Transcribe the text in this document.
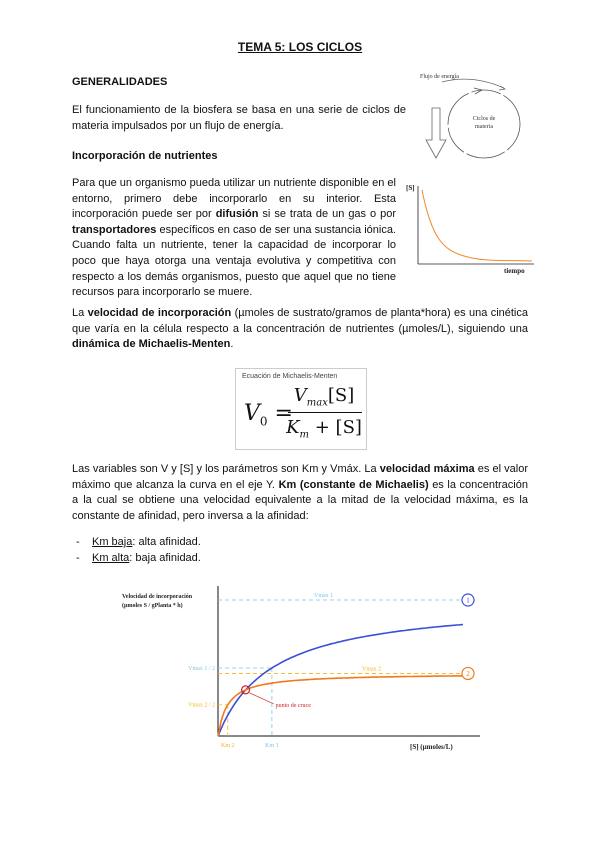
TEMA 5: LOS CICLOS
GENERALIDADES
El funcionamiento de la biosfera se basa en una serie de ciclos de materia impulsados por un flujo de energía.
Flujo de energía
Ciclos de
materia
Incorporación de nutrientes
Para que un organismo pueda utilizar un nutriente disponible en el entorno, primero debe incorporarlo en su interior. Esta incorporación puede ser por difusión si se trata de un gas o por transportadores específicos en caso de ser una sustancia iónica. Cuando falta un nutriente, tener la capacidad de incorporar lo poco que haya otorga una ventaja evolutiva y competitiva con respecto a los demás organismos, puesto que aquel que no tiene recursos para incorporarlo se muere.
[S]
tiempo
La velocidad de incorporación (µmoles de sustrato/gramos de planta*hora) es una cinética que varía en la célula respecto a la concentración de nutrientes (µmoles/L), siguiendo una dinámica de Michaelis-Menten.
Ecuación de Michaelis-Menten
$V_0$ =
$V_{max}[S]$
$K_m + [S]$
Las variables son V y [S] y los parámetros son Km y Vmáx. La velocidad máxima es el valor máximo que alcanza la curva en el eje Y. Km (constante de Michaelis) es la concentración a la cual se obtiene una velocidad equivalente a la mitad de la velocidad máxima, es la constante de afinidad, pero inversa a la afinidad:
- Km baja: alta afinidad.
- Km alta: baja afinidad.
Velocidad de incorporación
(µmoles S / gPlanta * h)
[S] (µmoles/L)
Vmax 1
Vmax 1 / 2
Km 1
1
Vmax 2
Vmax 2 / 2
Km 2
2
punto de cruce
